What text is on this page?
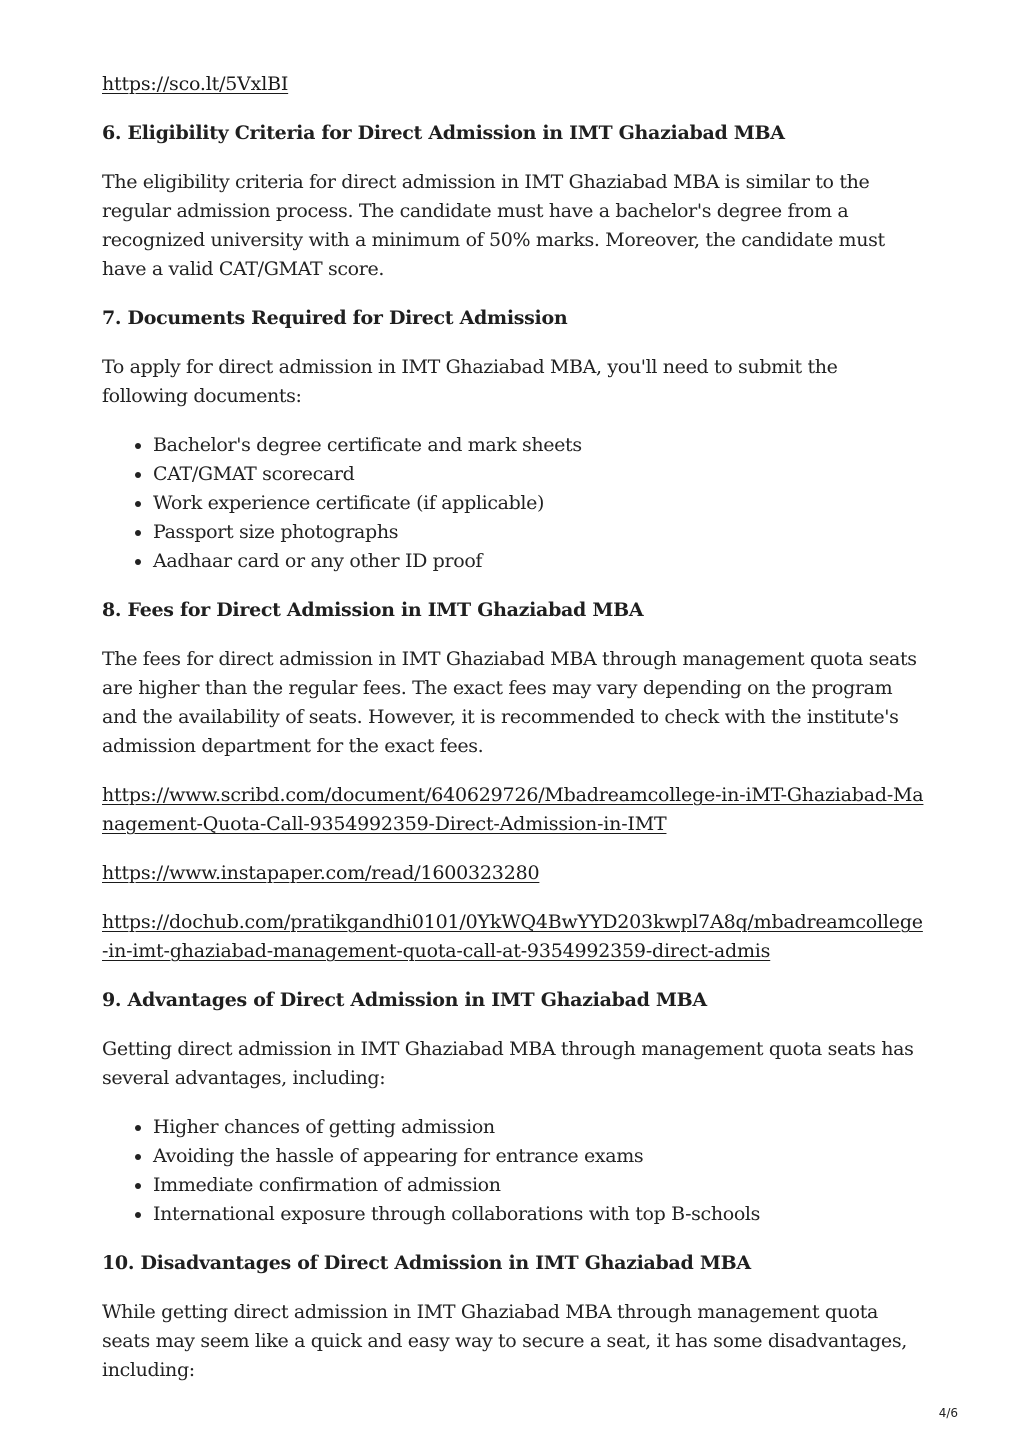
https://sco.lt/5VxlBI

6. Eligibility Criteria for Direct Admission in IMT Ghaziabad MBA

The eligibility criteria for direct admission in IMT Ghaziabad MBA is similar to the regular admission process. The candidate must have a bachelor's degree from a recognized university with a minimum of 50% marks. Moreover, the candidate must have a valid CAT/GMAT score.

7. Documents Required for Direct Admission

To apply for direct admission in IMT Ghaziabad MBA, you'll need to submit the following documents:

• Bachelor's degree certificate and mark sheets
• CAT/GMAT scorecard
• Work experience certificate (if applicable)
• Passport size photographs
• Aadhaar card or any other ID proof
8. Fees for Direct Admission in IMT Ghaziabad MBA

The fees for direct admission in IMT Ghaziabad MBA through management quota seats are higher than the regular fees. The exact fees may vary depending on the program and the availability of seats. However, it is recommended to check with the institute's admission department for the exact fees.

https://www.scribd.com/document/640629726/Mbadreamcollege-in-iMT-Ghaziabad-Management-Quota-Call-9354992359-Direct-Admission-in-IMT

https://www.instapaper.com/read/1600323280

https://dochub.com/pratikgandhi0101/0YkWQ4BwYYD203kwpl7A8q/mbadreamcollege-in-imt-ghaziabad-management-quota-call-at-9354992359-direct-admis

9. Advantages of Direct Admission in IMT Ghaziabad MBA

Getting direct admission in IMT Ghaziabad MBA through management quota seats has several advantages, including:

• Higher chances of getting admission
• Avoiding the hassle of appearing for entrance exams
• Immediate confirmation of admission
• International exposure through collaborations with top B-schools
10. Disadvantages of Direct Admission in IMT Ghaziabad MBA

While getting direct admission in IMT Ghaziabad MBA through management quota seats may seem like a quick and easy way to secure a seat, it has some disadvantages, including:

4/6
